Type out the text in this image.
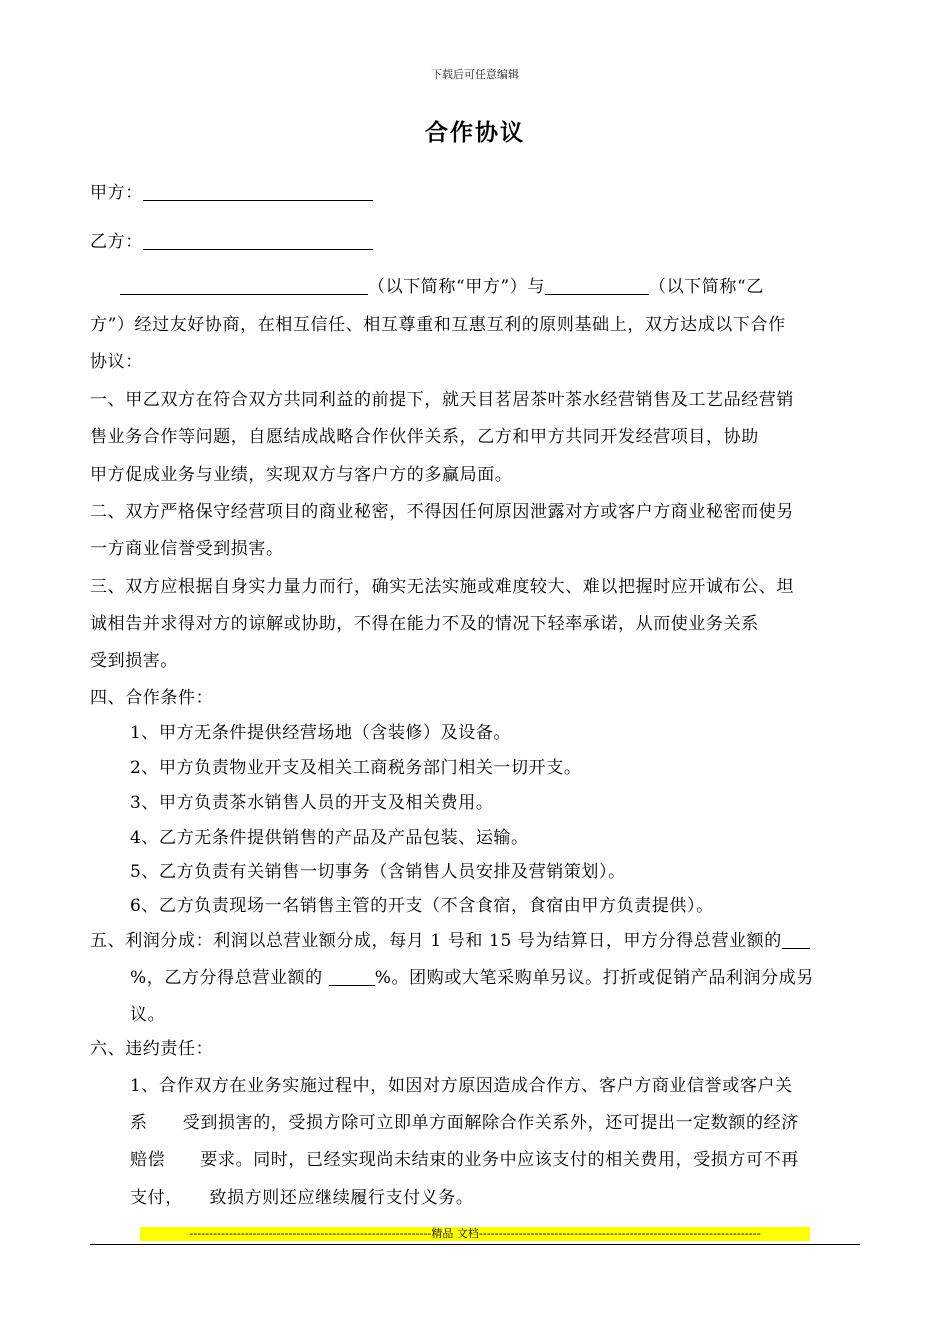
下载后可任意编辑
合作协议
甲方：
乙方：
（以下简称“甲方”）与	（以下简称“乙
方”）经过友好协商，在相互信任、相互尊重和互惠互利的原则基础上，双方达成以下合作
协议：
一、甲乙双方在符合双方共同利益的前提下，就天目茗居茶叶茶水经营销售及工艺品经营销
售业务合作等问题，自愿结成战略合作伙伴关系，乙方和甲方共同开发经营项目，协助
甲方促成业务与业绩，实现双方与客户方的多赢局面。
二、双方严格保守经营项目的商业秘密，不得因任何原因泄露对方或客户方商业秘密而使另
一方商业信誉受到损害。
三、双方应根据自身实力量力而行，确实无法实施或难度较大、难以把握时应开诚布公、坦
诚相告并求得对方的谅解或协助，不得在能力不及的情况下轻率承诺，从而使业务关系
受到损害。
四、合作条件：
1、甲方无条件提供经营场地（含装修）及设备。
2、甲方负责物业开支及相关工商税务部门相关一切开支。
3、甲方负责茶水销售人员的开支及相关费用。
4、乙方无条件提供销售的产品及产品包装、运输。
5、乙方负责有关销售一切事务（含销售人员安排及营销策划）。
6、乙方负责现场一名销售主管的开支（不含食宿，食宿由甲方负责提供）。
五、利润分成：利润以总营业额分成，每月 1 号和 15 号为结算日，甲方分得总营业额的
%，乙方分得总营业额的	%。团购或大笔采购单另议。打折或促销产品利润分成另
议。
六、违约责任：
1、合作双方在业务实施过程中，如因对方原因造成合作方、客户方商业信誉或客户关
系　　受到损害的，受损方除可立即单方面解除合作关系外，还可提出一定数额的经济
赔偿　　要求。同时，已经实现尚未结束的业务中应该支付的相关费用，受损方可不再
支付，　　致损方则还应继续履行支付义务。
-------------------------------------------------------------精品 文档-----------------------------------------------------------------------
